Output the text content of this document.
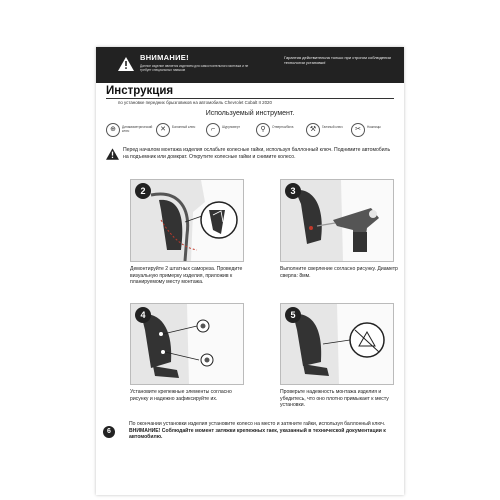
ВНИМАНИЕ!
Данное изделие является изделием для самостоятельного монтажа и не требует специальных навыков
Гарантия действительна только при строгом соблюдении технологии установки!
Инструкция
по установке передних брызговиков на автомобиль Chevrolet Cobalt II 2020
Используемый инструмент.
⊕	Динамометрический ключ	✕	Балонный ключ	⌐	Шуруповерт	⚲	Отвертка/бита	⚒	Гаечный ключ	✂	Ножницы
Перед началом монтажа изделия ослабьте колесные гайки, используя баллонный ключ. Поднимите автомобиль на подъемник или домкрат. Открутите колесные гайки и снимите колесо.
2
Демонтируйте 2 штатных самореза. Проведите визуальную примерку изделия, приложив к планируемому месту монтажа.
3
Выполните сверление согласно рисунку. Диаметр сверла: 8мм.
4
Установите крепежные элементы согласно рисунку и надежно зафиксируйте их.
5
Проверьте надежность монтажа изделия и убедитесь, что оно плотно примыкает к месту установки.
6
По окончании установки изделия установите колесо на место и затяните гайки, используя баллонный ключ.
ВНИМАНИЕ! Соблюдайте момент затяжки крепежных гаек, указанный в технической документации к автомобилю.
